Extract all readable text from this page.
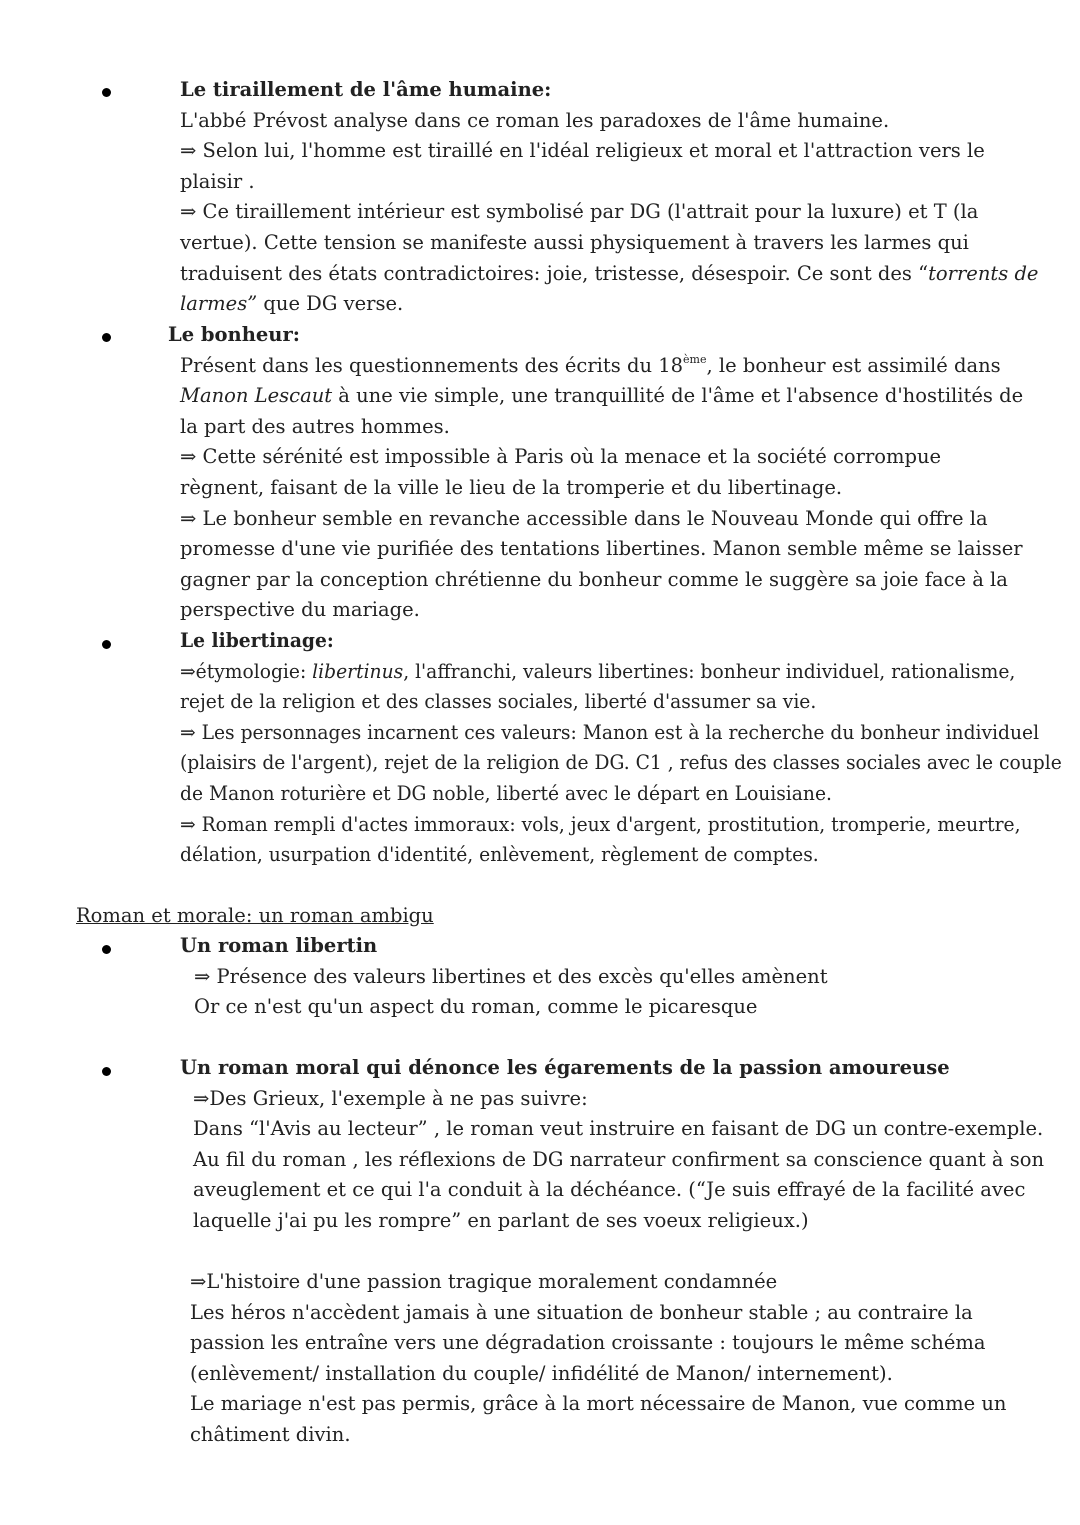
Le tiraillement de l'âme humaine:
L'abbé Prévost analyse dans ce roman les paradoxes de l'âme humaine.
⇒ Selon lui, l'homme est tiraillé en l'idéal religieux et moral et l'attraction vers le
plaisir .
⇒ Ce tiraillement intérieur est symbolisé par DG (l'attrait pour la luxure) et T (la
vertue). Cette tension se manifeste aussi physiquement à travers les larmes qui
traduisent des états contradictoires: joie, tristesse, désespoir. Ce sont des “torrents de
larmes” que DG verse.
Le bonheur:
Présent dans les questionnements des écrits du 18ème, le bonheur est assimilé dans
Manon Lescaut à une vie simple, une tranquillité de l'âme et l'absence d'hostilités de
la part des autres hommes.
⇒ Cette sérénité est impossible à Paris où la menace et la société corrompue
règnent, faisant de la ville le lieu de la tromperie et du libertinage.
⇒ Le bonheur semble en revanche accessible dans le Nouveau Monde qui offre la
promesse d'une vie purifiée des tentations libertines. Manon semble même se laisser
gagner par la conception chrétienne du bonheur comme le suggère sa joie face à la
perspective du mariage.
Le libertinage:
⇒étymologie: libertinus, l'affranchi, valeurs libertines: bonheur individuel, rationalisme,
rejet de la religion et des classes sociales, liberté d'assumer sa vie.
⇒ Les personnages incarnent ces valeurs: Manon est à la recherche du bonheur individuel
(plaisirs de l'argent), rejet de la religion de DG. C1 , refus des classes sociales avec le couple
de Manon roturière et DG noble, liberté avec le départ en Louisiane.
⇒ Roman rempli d'actes immoraux: vols, jeux d'argent, prostitution, tromperie, meurtre,
délation, usurpation d'identité, enlèvement, règlement de comptes.
Roman et morale: un roman ambigu
Un roman libertin
⇒ Présence des valeurs libertines et des excès qu'elles amènent
Or ce n'est qu'un aspect du roman, comme le picaresque
Un roman moral qui dénonce les égarements de la passion amoureuse
⇒Des Grieux, l'exemple à ne pas suivre:
Dans “l'Avis au lecteur” , le roman veut instruire en faisant de DG un contre-exemple.
Au fil du roman , les réflexions de DG narrateur confirment sa conscience quant à son
aveuglement et ce qui l'a conduit à la déchéance. (“Je suis effrayé de la facilité avec
laquelle j'ai pu les rompre” en parlant de ses voeux religieux.)
⇒L'histoire d'une passion tragique moralement condamnée
Les héros n'accèdent jamais à une situation de bonheur stable ; au contraire la
passion les entraîne vers une dégradation croissante : toujours le même schéma
(enlèvement/ installation du couple/ infidélité de Manon/ internement).
Le mariage n'est pas permis, grâce à la mort nécessaire de Manon, vue comme un
châtiment divin.
